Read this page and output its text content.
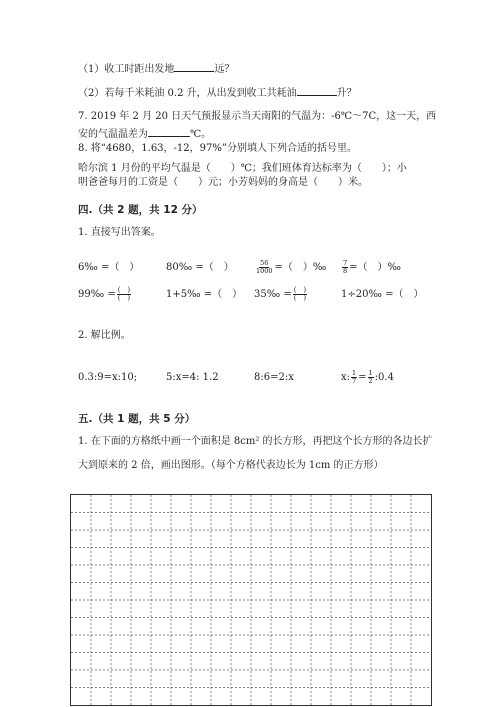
（1）收工时距出发地	远？
（2）若每千米耗油 0.2 升，从出发到收工共耗油	升？
7. 2019 年 2 月 20 日天气预报显示当天南阳的气温为：-6℃～7C，这一天，西
安的气温温差为	℃。
8. 将“4680，1.63，-12，97%”分别填人下列合适的括号里。
哈尔滨 1 月份的平均气温是（　　）℃；我们班体育达标率为（　　）；小
明爸爸每月的工资是（　　）元；小芳妈妈的身高是（　　）米。
四.（共 2 题，共 12 分）
1. 直接写出答案。
6‰ =（　）	80‰ =（　）	$\frac{56}{1000}$ =（　）‰ $\frac{7}{8}$ =（　）‰
99‰ = $\frac{( )}{( )}$	1+5‰ =（　） 35‰ = $\frac{( )}{( )}$	1÷20‰ =（　）
2. 解比例。
0.3:9=x:10;	5:x=4: 1.2	8:6=2:x	x: $\frac{1}{7} = \frac{1}{2}$ :0.4
五.（共 1 题，共 5 分）
1. 在下面的方格纸中画一个面积是 8cm² 的长方形，再把这个长方形的各边长扩
大到原来的 2 倍，画出图形。（每个方格代表边长为 1cm 的正方形）
